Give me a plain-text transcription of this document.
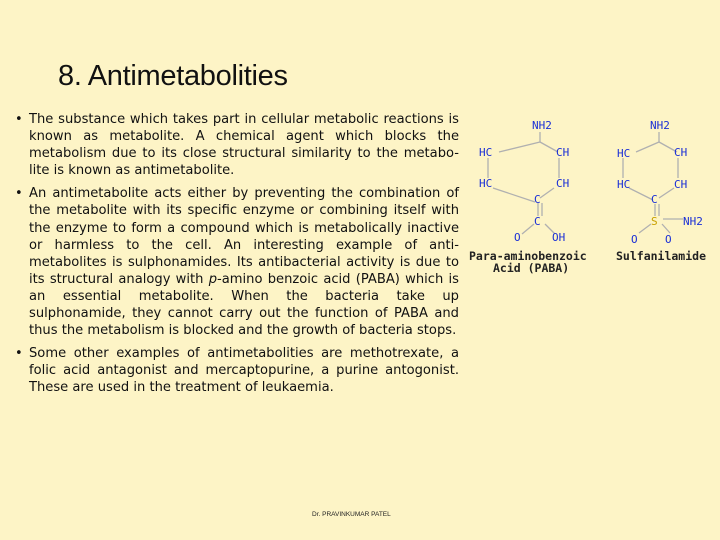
8. Antimetabolities
• The substance which takes part in cellular metabolic reactions is known as metabolite. A chemical agent which blocks the metabolism due to its close structural similarity to the metabo-lite is known as antimetabolite.
• An antimetabolite acts either by preventing the combination of the metabolite with its specific enzyme or combining itself with the enzyme to form a compound which is metabolically inactive or harmless to the cell. An interesting example of anti-metabolites is sulphonamides. Its antibacterial activity is due to its structural analogy with p-amino benzoic acid (PABA) which is an essential metabolite. When the bacteria take up sulphonamide, they cannot carry out the function of PABA and thus the metabolism is blocked and the growth of bacteria stops.
• Some other examples of antimetabolities are methotrexate, a folic acid antagonist and mercaptopurine, a purine antogonist. These are used in the treatment of leukaemia.
NH2
HC	CH
HC	CH
C
C
O	OH
Para-aminobenzoic
Acid (PABA)
NH2
HC	CH
HC	CH
C
NH2
O O
S
Sulfanilamide
Dr. PRAVINKUMAR PATEL
